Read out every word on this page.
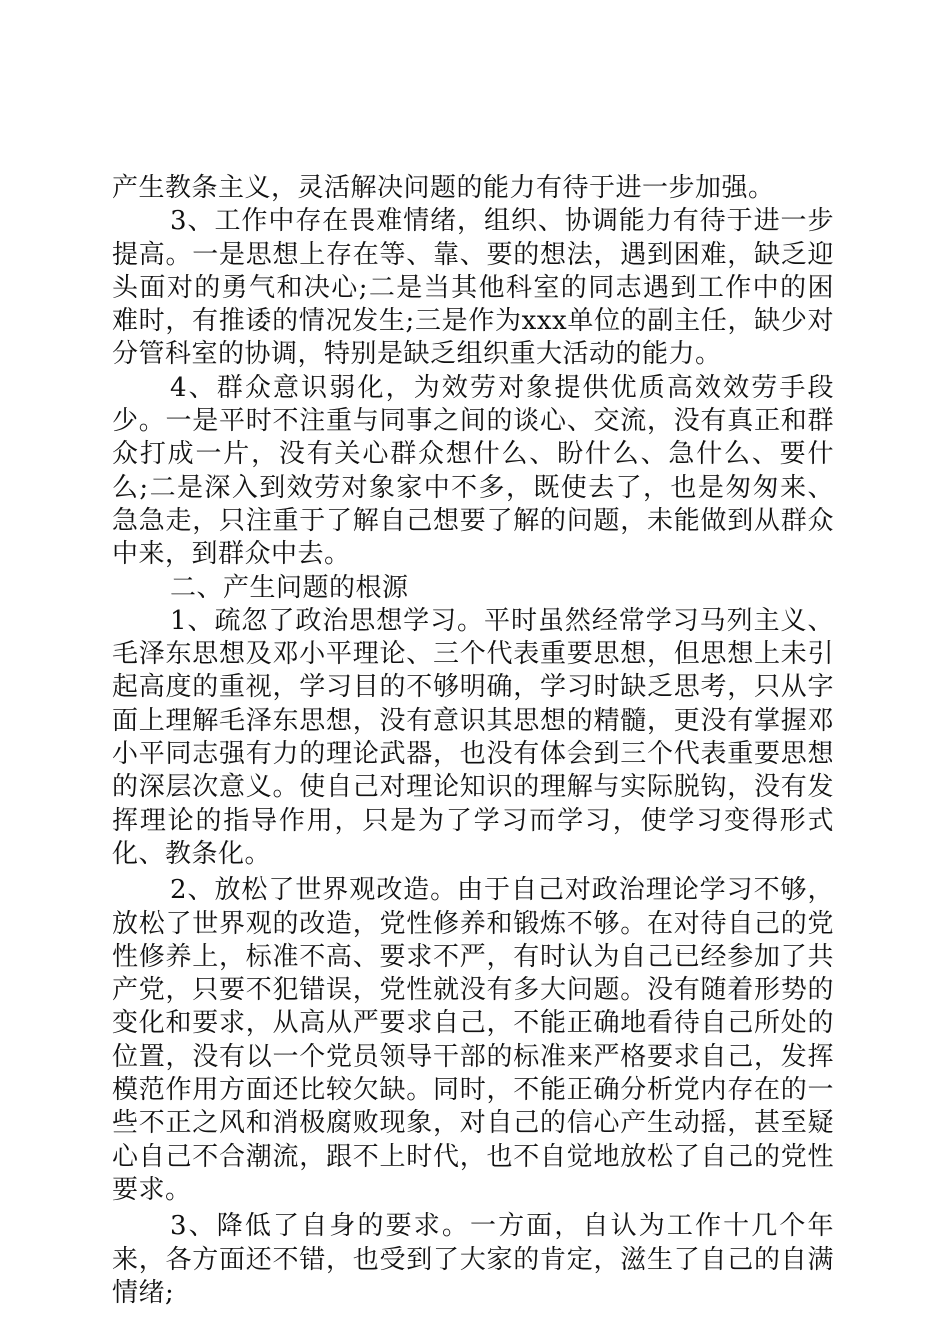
产生教条主义，灵活解决问题的能力有待于进一步加强。

3、工作中存在畏难情绪，组织、协调能力有待于进一步提高。一是思想上存在等、靠、要的想法，遇到困难，缺乏迎头面对的勇气和决心;二是当其他科室的同志遇到工作中的困难时，有推诿的情况发生;三是作为xxx单位的副主任，缺少对分管科室的协调，特别是缺乏组织重大活动的能力。

4、群众意识弱化，为效劳对象提供优质高效效劳手段少。一是平时不注重与同事之间的谈心、交流，没有真正和群众打成一片，没有关心群众想什么、盼什么、急什么、要什么;二是深入到效劳对象家中不多，既使去了，也是匆匆来、急急走，只注重于了解自己想要了解的问题，未能做到从群众中来，到群众中去。

二、产生问题的根源

1、疏忽了政治思想学习。平时虽然经常学习马列主义、毛泽东思想及邓小平理论、三个代表重要思想，但思想上未引起高度的重视，学习目的不够明确，学习时缺乏思考，只从字面上理解毛泽东思想，没有意识其思想的精髓，更没有掌握邓小平同志强有力的理论武器，也没有体会到三个代表重要思想的深层次意义。使自己对理论知识的理解与实际脱钩，没有发挥理论的指导作用，只是为了学习而学习，使学习变得形式化、教条化。

2、放松了世界观改造。由于自己对政治理论学习不够，放松了世界观的改造，党性修养和锻炼不够。在对待自己的党性修养上，标准不高、要求不严，有时认为自己已经参加了共产党，只要不犯错误，党性就没有多大问题。没有随着形势的变化和要求，从高从严要求自己，不能正确地看待自己所处的位置，没有以一个党员领导干部的标准来严格要求自己，发挥模范作用方面还比较欠缺。同时，不能正确分析党内存在的一些不正之风和消极腐败现象，对自己的信心产生动摇，甚至疑心自己不合潮流，跟不上时代，也不自觉地放松了自己的党性要求。

3、降低了自身的要求。一方面，自认为工作十几个年来，各方面还不错，也受到了大家的肯定，滋生了自己的自满情绪;
